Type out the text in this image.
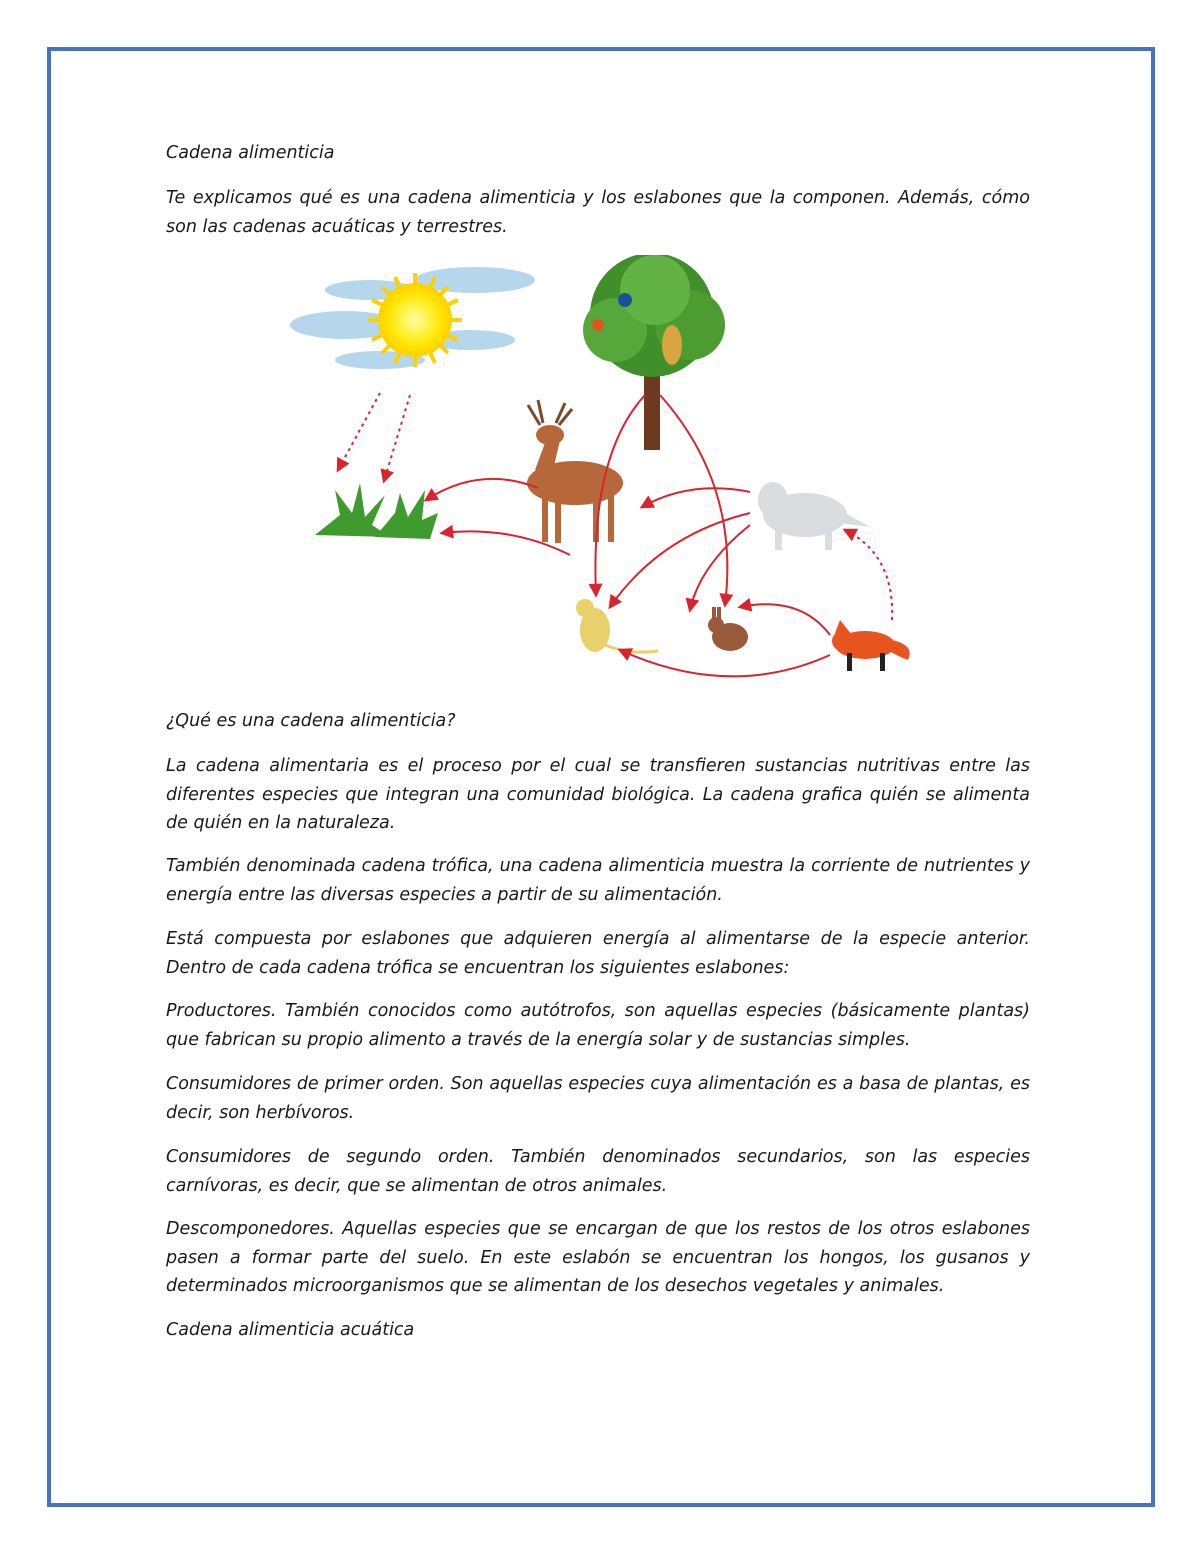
Cadena alimenticia

Te explicamos qué es una cadena alimenticia y los eslabones que la componen. Además, cómo son las cadenas acuáticas y terrestres.

¿Qué es una cadena alimenticia?

La cadena alimentaria es el proceso por el cual se transfieren sustancias nutritivas entre las diferentes especies que integran una comunidad biológica. La cadena grafica quién se alimenta de quién en la naturaleza.

También denominada cadena trófica, una cadena alimenticia muestra la corriente de nutrientes y energía entre las diversas especies a partir de su alimentación.

Está compuesta por eslabones que adquieren energía al alimentarse de la especie anterior. Dentro de cada cadena trófica se encuentran los siguientes eslabones:

Productores. También conocidos como autótrofos, son aquellas especies (básicamente plantas) que fabrican su propio alimento a través de la energía solar y de sustancias simples.

Consumidores de primer orden. Son aquellas especies cuya alimentación es a basa de plantas, es decir, son herbívoros.

Consumidores de segundo orden. También denominados secundarios, son las especies carnívoras, es decir, que se alimentan de otros animales.

Descomponedores. Aquellas especies que se encargan de que los restos de los otros eslabones pasen a formar parte del suelo. En este eslabón se encuentran los hongos, los gusanos y determinados microorganismos que se alimentan de los desechos vegetales y animales.

Cadena alimenticia acuática
